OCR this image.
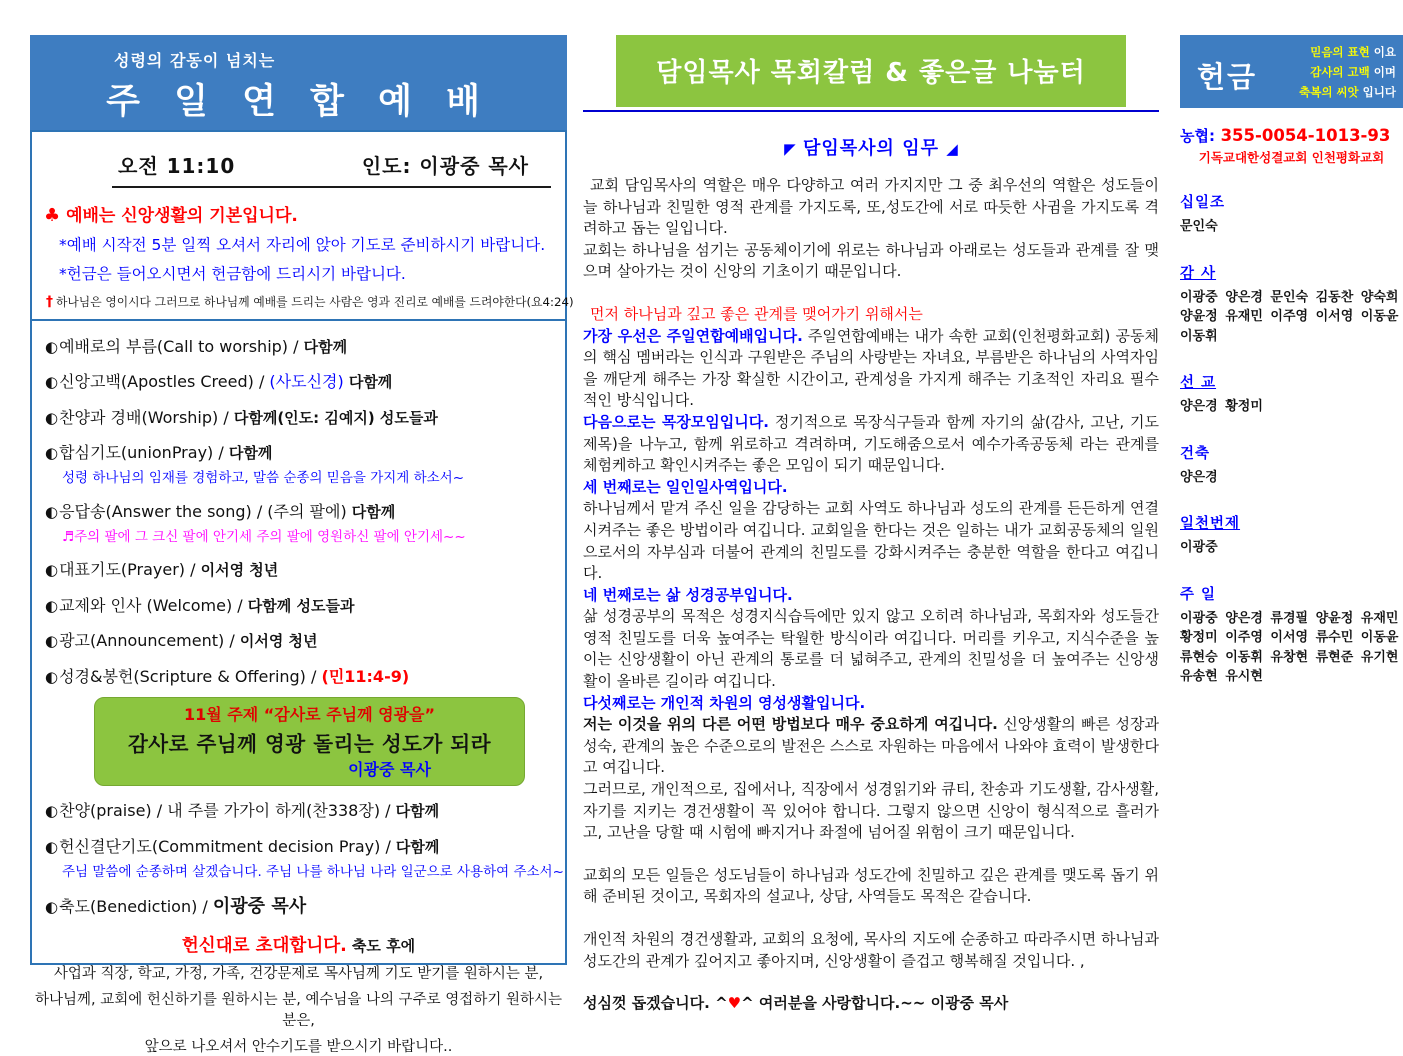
성령의 감동이 넘치는
주 일 연 합 예 배
오전 11:10	인도: 이광중 목사
♣ 예배는 신앙생활의 기본입니다.
*예배 시작전 5분 일찍 오셔서 자리에 앉아 기도로 준비하시기 바랍니다.
*헌금은 들어오시면서 헌금함에 드리시기 바랍니다.
† 하나님은 영이시다 그러므로 하나님께 예배를 드리는 사람은 영과 진리로 예배를 드려야한다(요4:24)
◐예배로의 부름(Call to worship) / 다함께
◐신앙고백(Apostles Creed) / (사도신경) 다함께
◐찬양과 경배(Worship) / 다함께(인도: 김예지) 성도들과
◐합심기도(unionPray) / 다함께
성령 하나님의 임재를 경험하고, 말씀 순종의 믿음을 가지게 하소서~
◐응답송(Answer the song) / (주의 팔에) 다함께
♬주의 팔에 그 크신 팔에 안기세 주의 팔에 영원하신 팔에 안기세~~
◐대표기도(Prayer) / 이서영 청년
◐교제와 인사 (Welcome) / 다함께 성도들과
◐광고(Announcement) / 이서영 청년
◐성경&봉헌(Scripture & Offering) / (민11:4-9)
11월 주제 “감사로 주님께 영광을”
감사로 주님께 영광 돌리는 성도가 되라
이광중 목사
◐찬양(praise) / 내 주를 가가이 하게(찬338장) / 다함께
◐헌신결단기도(Commitment decision Pray) / 다함께
주님 말씀에 순종하며 살겠습니다. 주님 나를 하나님 나라 일군으로 사용하여 주소서~
◐축도(Benediction) / 이광중 목사
헌신대로 초대합니다. 축도 후에
사업과 직장, 학교, 가정, 가족, 건강문제로 목사님께 기도 받기를 원하시는 분,
하나님께, 교회에 헌신하기를 원하시는 분, 예수님을 나의 구주로 영접하기 원하시는 분은,
앞으로 나오셔서 안수기도를 받으시기 바랍니다..
담임목사 목회칼럼 & 좋은글 나눔터
◤ 담임목사의 임무 ◢
교회 담임목사의 역할은 매우 다양하고 여러 가지지만 그 중 최우선의 역할은 성도들이 늘 하나님과 친밀한 영적 관계를 가지도록, 또,성도간에 서로 따듯한 사귐을 가지도록 격려하고 돕는 일입니다.
교회는 하나님을 섬기는 공동체이기에 위로는 하나님과 아래로는 성도들과 관계를 잘 맺으며 살아가는 것이 신앙의 기초이기 때문입니다.
먼저 하나님과 깊고 좋은 관계를 맺어가기 위해서는
가장 우선은 주일연합예배입니다. 주일연합예배는 내가 속한 교회(인천평화교회) 공동체의 핵심 멤버라는 인식과 구원받은 주님의 사랑받는 자녀요, 부름받은 하나님의 사역자임을 깨닫게 해주는 가장 확실한 시간이고, 관계성을 가지게 해주는 기초적인 자리요 필수적인 방식입니다.
다음으로는 목장모임입니다. 정기적으로 목장식구들과 함께 자기의 삶(감사, 고난, 기도제목)을 나누고, 함께 위로하고 격려하며, 기도해줌으로서 예수가족공동체 라는 관계를 체험케하고 확인시켜주는 좋은 모임이 되기 때문입니다.
세 번째로는 일인일사역입니다.
하나님께서 맡겨 주신 일을 감당하는 교회 사역도 하나님과 성도의 관계를 든든하게 연결시켜주는 좋은 방법이라 여깁니다. 교회일을 한다는 것은 일하는 내가 교회공동체의 일원으로서의 자부심과 더불어 관계의 친밀도를 강화시켜주는 충분한 역할을 한다고 여깁니다.
네 번째로는 삶 성경공부입니다.
삶 성경공부의 목적은 성경지식습득에만 있지 않고 오히려 하나님과, 목회자와 성도들간 영적 친밀도를 더욱 높여주는 탁월한 방식이라 여깁니다. 머리를 키우고, 지식수준을 높이는 신앙생활이 아닌 관계의 통로를 더 넓혀주고, 관계의 친밀성을 더 높여주는 신앙생활이 올바른 길이라 여깁니다.
다섯째로는 개인적 차원의 영성생활입니다.
저는 이것을 위의 다른 어떤 방법보다 매우 중요하게 여깁니다. 신앙생활의 빠른 성장과 성숙, 관계의 높은 수준으로의 발전은 스스로 자원하는 마음에서 나와야 효력이 발생한다고 여깁니다.
그러므로, 개인적으로, 집에서나, 직장에서 성경읽기와 큐티, 찬송과 기도생활, 감사생활, 자기를 지키는 경건생활이 꼭 있어야 합니다. 그렇지 않으면 신앙이 형식적으로 흘러가고, 고난을 당할 때 시험에 빠지거나 좌절에 넘어질 위험이 크기 때문입니다.
교회의 모든 일들은 성도님들이 하나님과 성도간에 친밀하고 깊은 관계를 맺도록 돕기 위해 준비된 것이고, 목회자의 설교나, 상담, 사역들도 목적은 같습니다.
개인적 차원의 경건생활과, 교회의 요청에, 목사의 지도에 순종하고 따라주시면 하나님과 성도간의 관계가 깊어지고 좋아지며, 신앙생활이 즐겁고 행복해질 것입니다. ,
성심껏 돕겠습니다. ^♥^ 여러분을 사랑합니다.~~ 이광중 목사
헌금
믿음의 표현 이요
감사의 고백 이며
축복의 씨앗 입니다
농협: 355-0054-1013-93
기독교대한성결교회 인천평화교회
십일조
문인숙
감 사
이광중 양은경 문인숙 김동찬 양숙희 양윤정 유재민 이주영 이서영 이동윤 이동휘
선 교
양은경 황정미
건축
양은경
일천번제
이광중
주 일
이광중 양은경 류경필 양윤정 유재민 황정미 이주영 이서영 류수민 이동윤 류현승 이동휘 유창현 류현준 유기현 유송현 유시현
